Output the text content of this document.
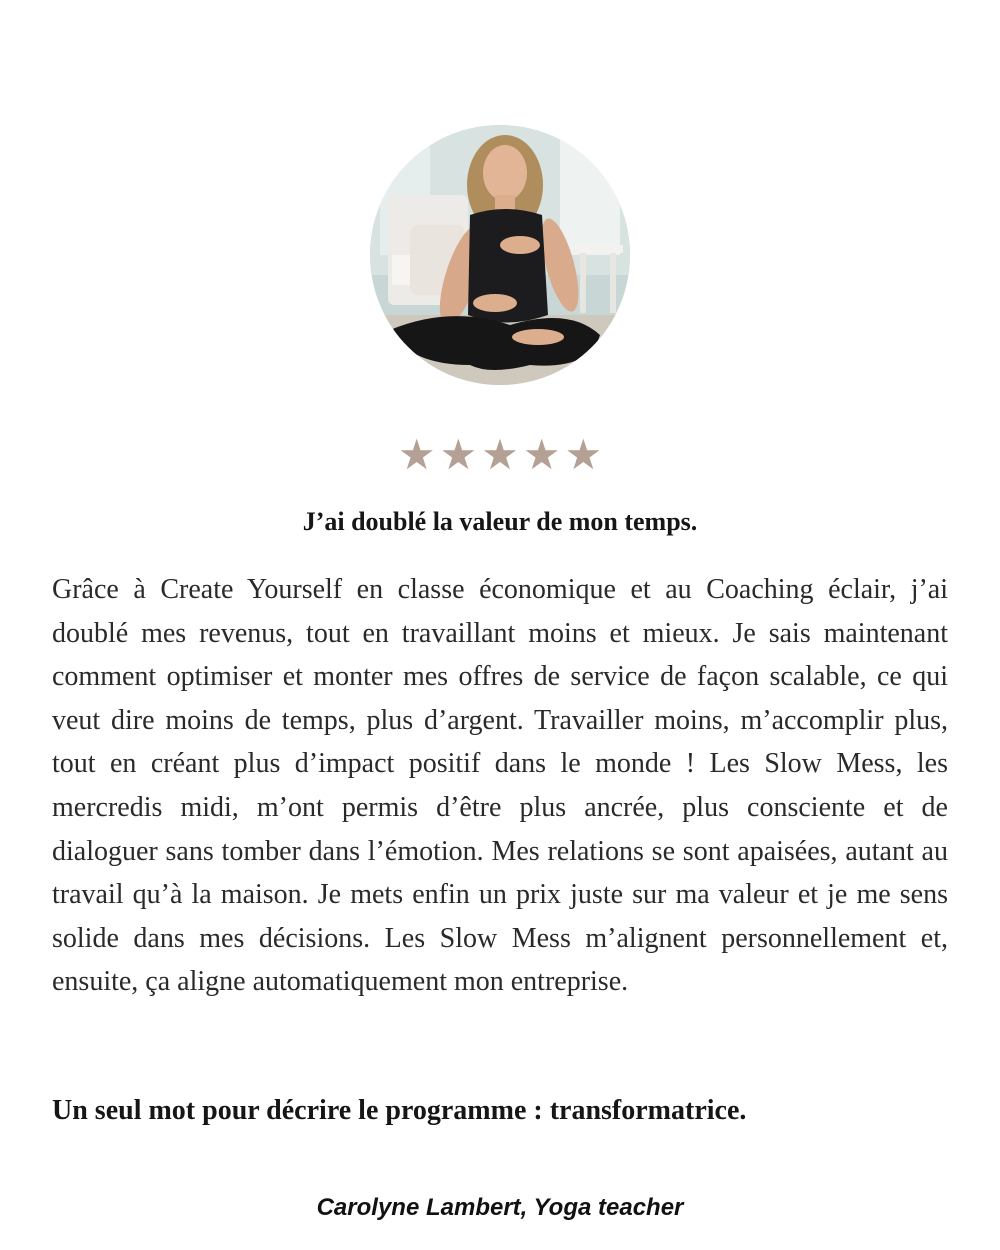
★ ★ ★ ★ ★
J’ai doublé la valeur de mon temps.

Grâce à Create Yourself en classe économique et au Coaching éclair, j’ai doublé mes revenus, tout en travaillant moins et mieux. Je sais maintenant comment optimiser et monter mes offres de service de façon scalable, ce qui veut dire moins de temps, plus d’argent. Travailler moins, m’accomplir plus, tout en créant plus d’impact positif dans le monde ! Les Slow Mess, les mercredis midi, m’ont permis d’être plus ancrée, plus consciente et de dialoguer sans tomber dans l’émotion. Mes relations se sont apaisées, autant au travail qu’à la maison. Je mets enfin un prix juste sur ma valeur et je me sens solide dans mes décisions. Les Slow Mess m’alignent personnellement et, ensuite, ça aligne automatiquement mon entreprise.

Un seul mot pour décrire le programme : transformatrice.
Carolyne Lambert, Yoga teacher
